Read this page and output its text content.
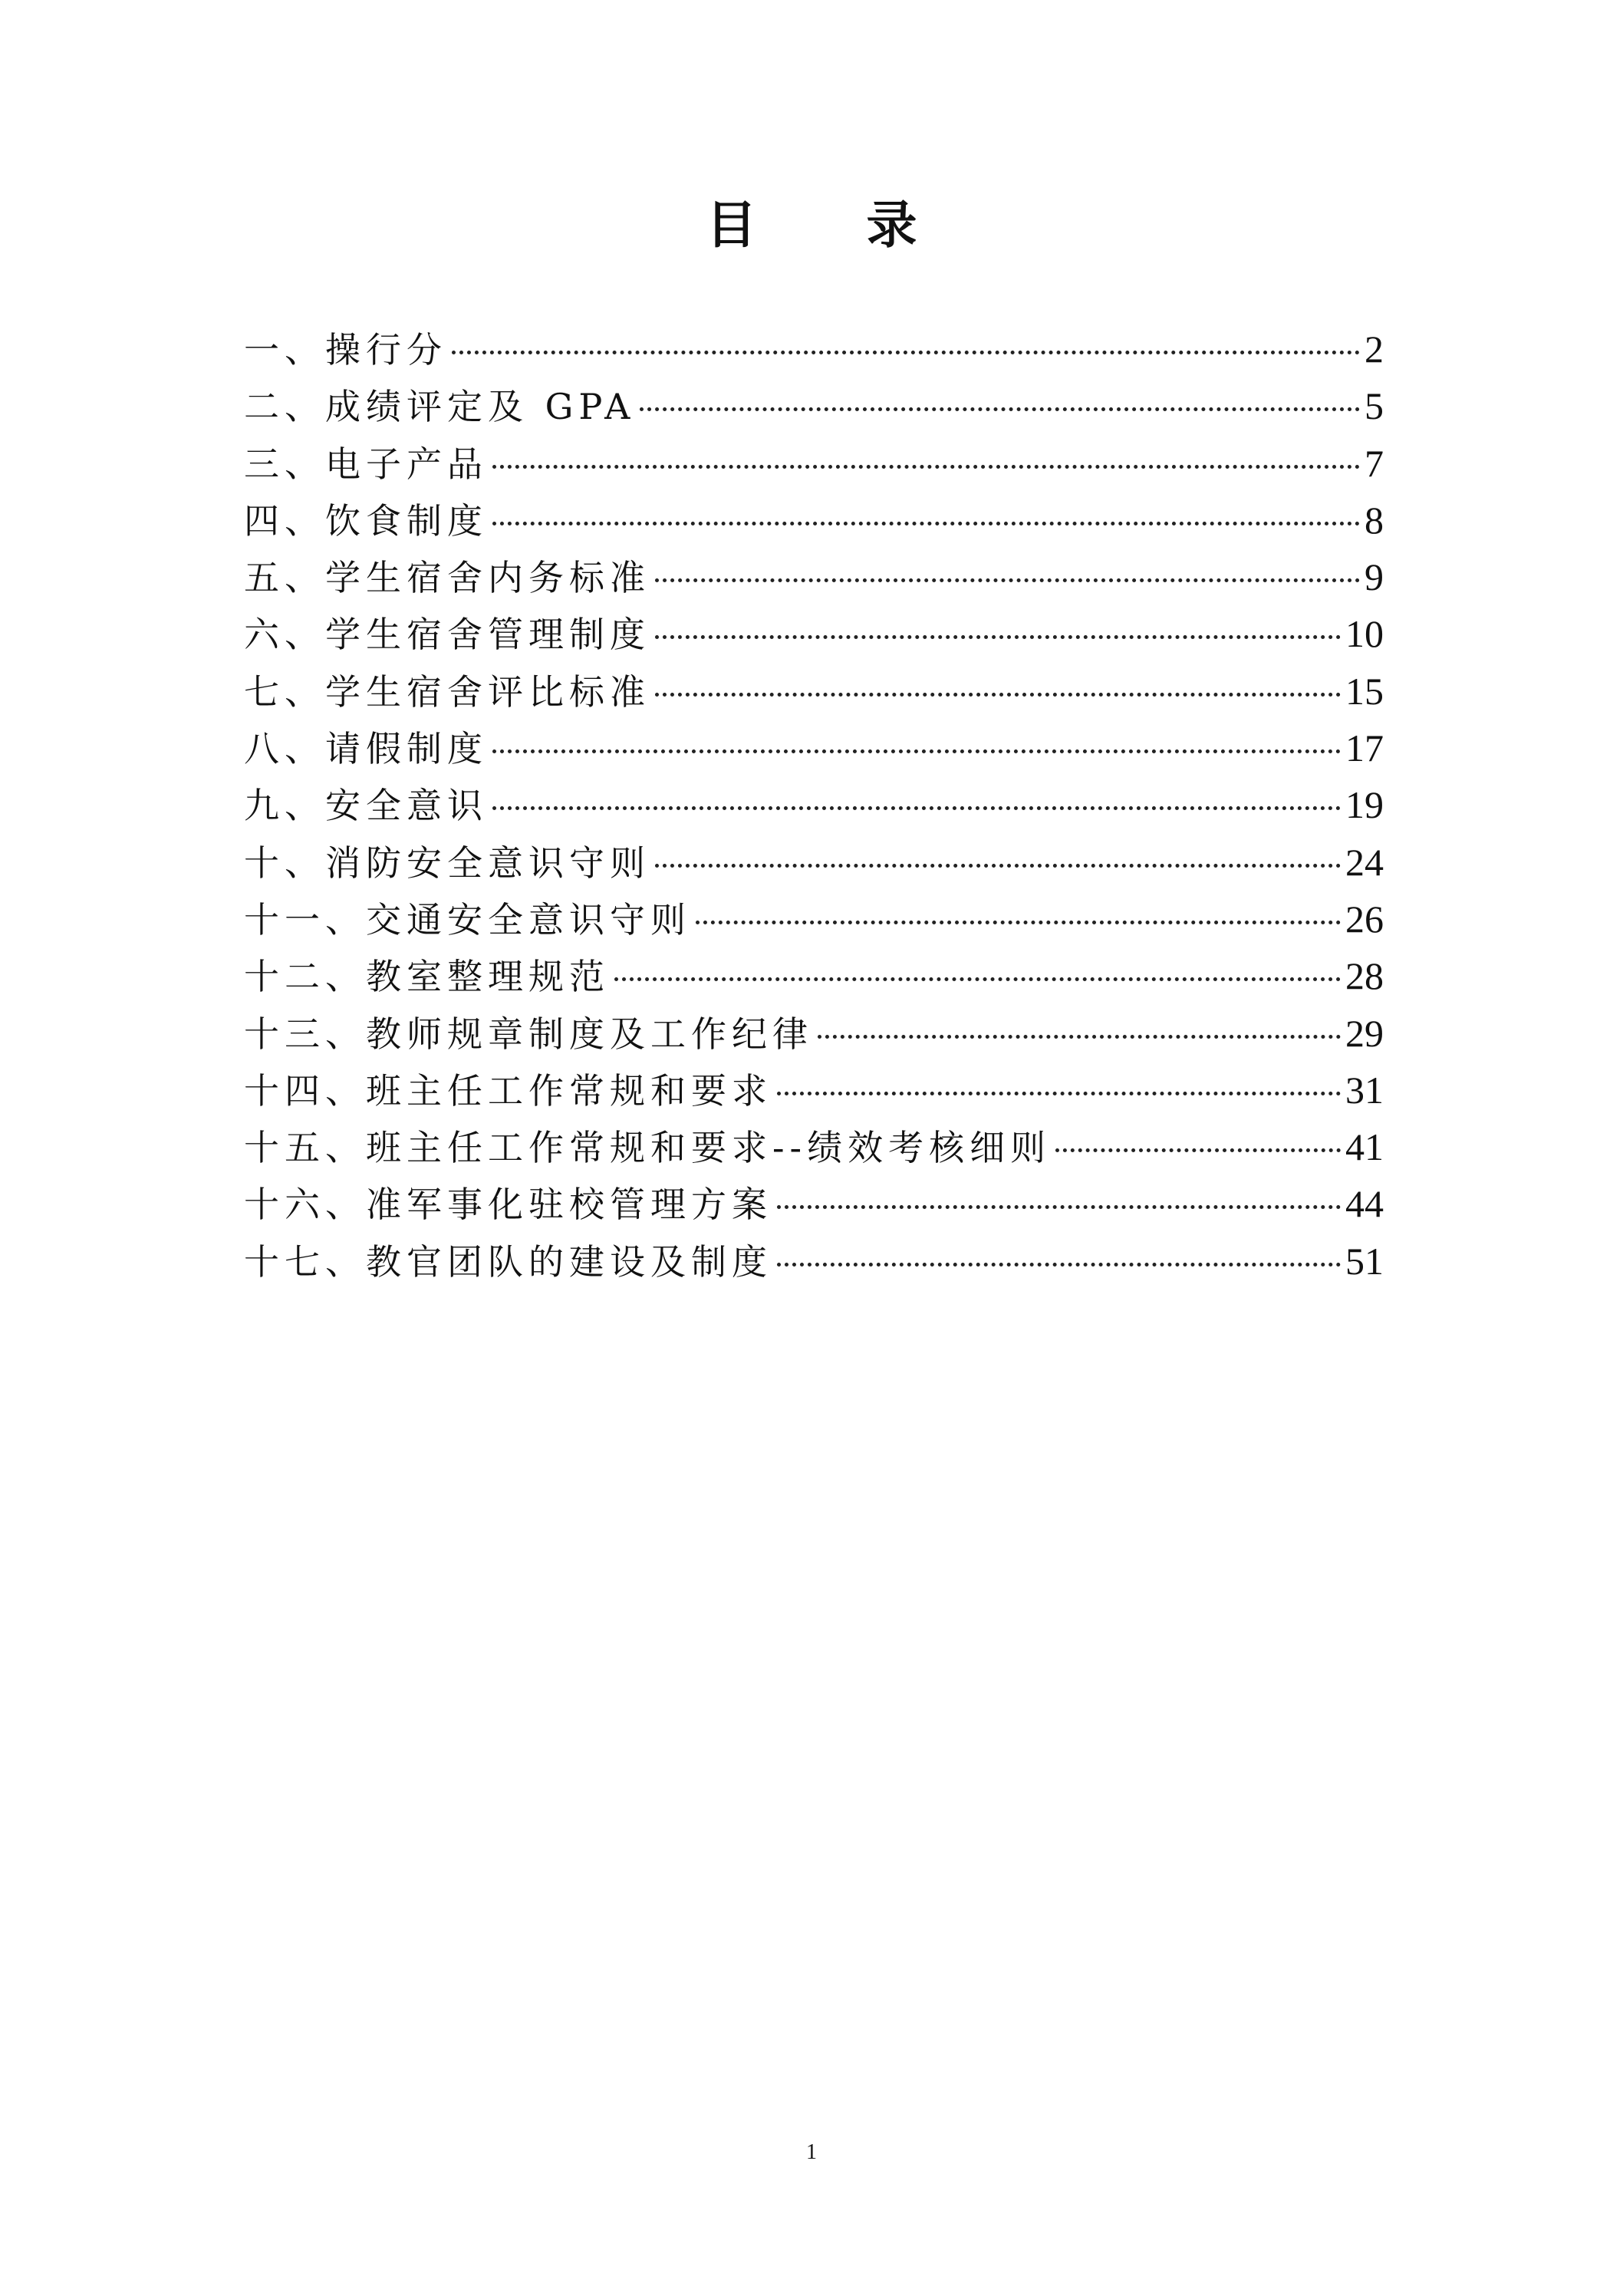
目 录
一、操行分	2
二、成绩评定及 GPA	5
三、电子产品	7
四、饮食制度	8
五、学生宿舍内务标准	9
六、学生宿舍管理制度	10
七、学生宿舍评比标准	15
八、请假制度	17
九、安全意识	19
十、消防安全意识守则	24
十一、交通安全意识守则	26
十二、教室整理规范	28
十三、教师规章制度及工作纪律	29
十四、班主任工作常规和要求	31
十五、班主任工作常规和要求--绩效考核细则	41
十六、准军事化驻校管理方案	44
十七、教官团队的建设及制度	51
1
